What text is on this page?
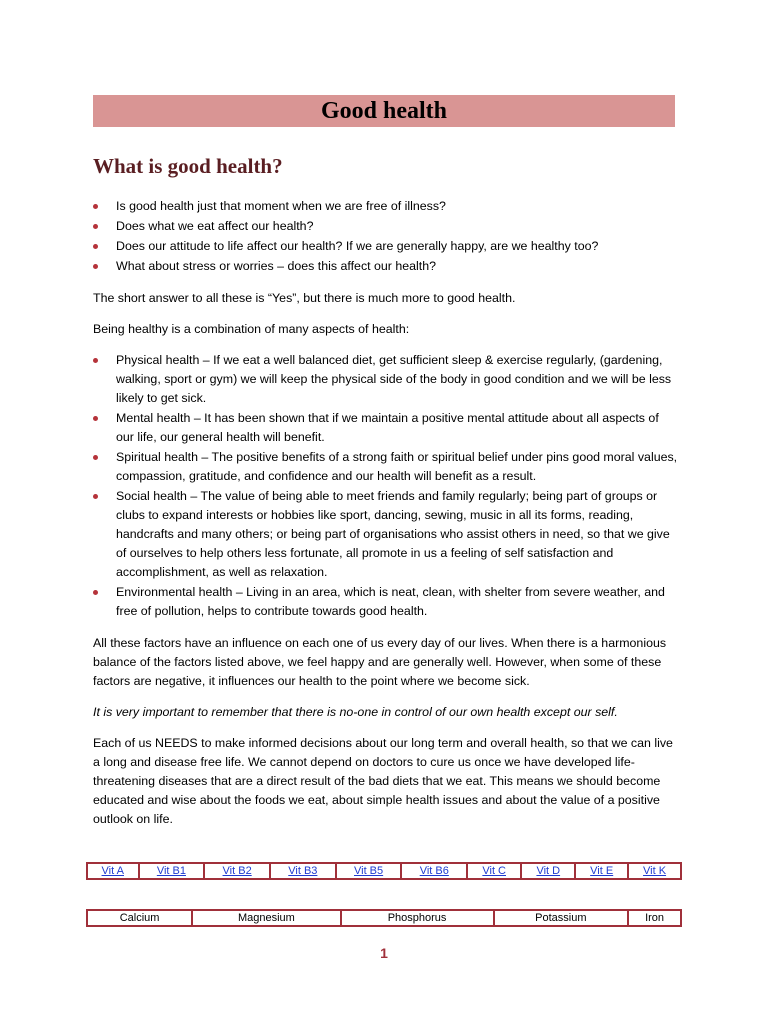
Good health
What is good health?
Is good health just that moment when we are free of illness?
Does what we eat affect our health?
Does our attitude to life affect our health? If we are generally happy, are we healthy too?
What about stress or worries – does this affect our health?

The short answer to all these is “Yes”, but there is much more to good health.

Being healthy is a combination of many aspects of health:

Physical health – If we eat a well balanced diet, get sufficient sleep & exercise regularly, (gardening, walking, sport or gym) we will keep the physical side of the body in good condition and we will be less likely to get sick.
Mental health – It has been shown that if we maintain a positive mental attitude about all aspects of our life, our general health will benefit.
Spiritual health – The positive benefits of a strong faith or spiritual belief under pins good moral values, compassion, gratitude, and confidence and our health will benefit as a result.
Social health – The value of being able to meet friends and family regularly; being part of groups or clubs to expand interests or hobbies like sport, dancing, sewing, music in all its forms, reading, handcrafts and many others; or being part of organisations who assist others in need, so that we give of ourselves to help others less fortunate, all promote in us a feeling of self satisfaction and accomplishment, as well as relaxation.
Environmental health – Living in an area, which is neat, clean, with shelter from severe weather, and free of pollution, helps to contribute towards good health.

All these factors have an influence on each one of us every day of our lives. When there is a harmonious balance of the factors listed above, we feel happy and are generally well. However, when some of these factors are negative, it influences our health to the point where we become sick.

It is very important to remember that there is no-one in control of our own health except our self.

Each of us NEEDS to make informed decisions about our long term and overall health, so that we can live a long and disease free life. We cannot depend on doctors to cure us once we have developed life-threatening diseases that are a direct result of the bad diets that we eat. This means we should become educated and wise about the foods we eat, about simple health issues and about the value of a positive outlook on life.

Vit A	Vit B1	Vit B2	Vit B3	Vit B5	Vit B6	Vit C	Vit D	Vit E	Vit K
Calcium	Magnesium	Phosphorus	Potassium	Iron
1
